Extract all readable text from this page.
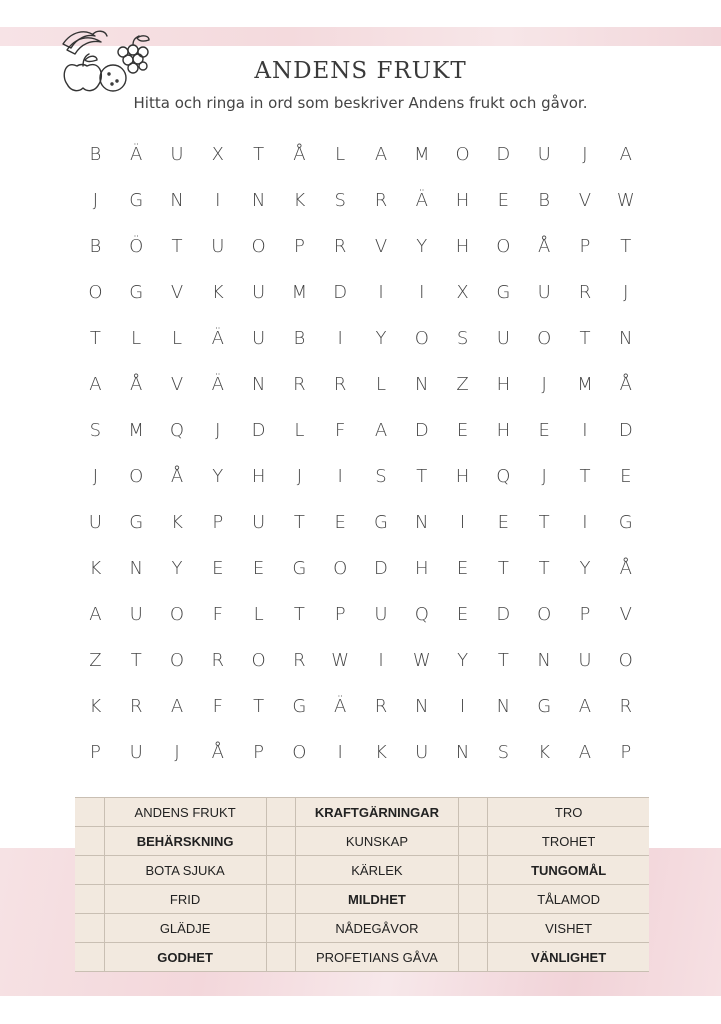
ANDENS FRUKT
Hitta och ringa in ord som beskriver Andens frukt och gåvor.
B	Ä	U	X	T	Å	L	A	M	O	D	U	J	A
J	G	N	I	N	K	S	R	Ä	H	E	B	V	W
B	Ö	T	U	O	P	R	V	Y	H	O	Å	P	T
O	G	V	K	U	M	D	I	I	X	G	U	R	J
T	L	L	Ä	U	B	I	Y	O	S	U	O	T	N
A	Å	V	Ä	N	R	R	L	N	Z	H	J	M	Å
S	M	Q	J	D	L	F	A	D	E	H	E	I	D
J	O	Å	Y	H	J	I	S	T	H	Q	J	T	E
U	G	K	P	U	T	E	G	N	I	E	T	I	G
K	N	Y	E	E	G	O	D	H	E	T	T	Y	Å
A	U	O	F	L	T	P	U	Q	E	D	O	P	V
Z	T	O	R	O	R	W	I	W	Y	T	N	U	O
K	R	A	F	T	G	Ä	R	N	I	N	G	A	R
P	U	J	Å	P	O	I	K	U	N	S	K	A	P
	ANDENS FRUKT		KRAFTGÄRNINGAR		TRO
	BEHÄRSKNING		KUNSKAP		TROHET
	BOTA SJUKA		KÄRLEK		TUNGOMÅL
	FRID		MILDHET		TÅLAMOD
	GLÄDJE		NÅDEGÅVOR		VISHET
	GODHET		PROFETIANS GÅVA		VÄNLIGHET
